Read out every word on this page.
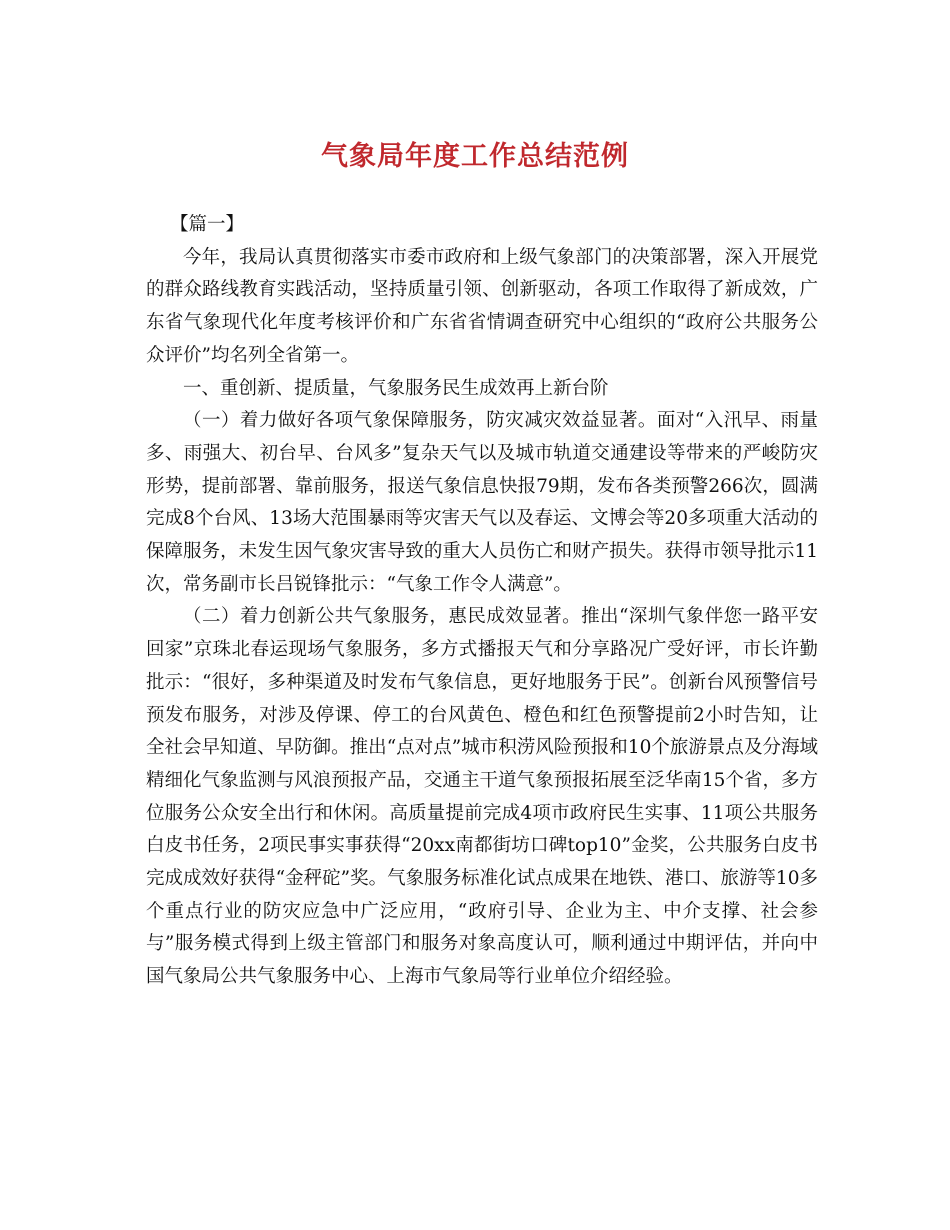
气象局年度工作总结范例

【篇一】

今年，我局认真贯彻落实市委市政府和上级气象部门的决策部署，深入开展党的群众路线教育实践活动，坚持质量引领、创新驱动，各项工作取得了新成效，广东省气象现代化年度考核评价和广东省省情调查研究中心组织的“政府公共服务公众评价”均名列全省第一。

一、重创新、提质量，气象服务民生成效再上新台阶

（一）着力做好各项气象保障服务，防灾减灾效益显著。面对“入汛早、雨量多、雨强大、初台早、台风多”复杂天气以及城市轨道交通建设等带来的严峻防灾形势，提前部署、靠前服务，报送气象信息快报79期，发布各类预警266次，圆满完成8个台风、13场大范围暴雨等灾害天气以及春运、文博会等20多项重大活动的保障服务，未发生因气象灾害导致的重大人员伤亡和财产损失。获得市领导批示11次，常务副市长吕锐锋批示：“气象工作令人满意”。

（二）着力创新公共气象服务，惠民成效显著。推出“深圳气象伴您一路平安回家”京珠北春运现场气象服务，多方式播报天气和分享路况广受好评，市长许勤批示：“很好，多种渠道及时发布气象信息，更好地服务于民”。创新台风预警信号预发布服务，对涉及停课、停工的台风黄色、橙色和红色预警提前2小时告知，让全社会早知道、早防御。推出“点对点”城市积涝风险预报和10个旅游景点及分海域精细化气象监测与风浪预报产品，交通主干道气象预报拓展至泛华南15个省，多方位服务公众安全出行和休闲。高质量提前完成4项市政府民生实事、11项公共服务白皮书任务，2项民事实事获得“20xx南都街坊口碑top10”金奖，公共服务白皮书完成成效好获得“金秤砣”奖。气象服务标准化试点成果在地铁、港口、旅游等10多个重点行业的防灾应急中广泛应用，“政府引导、企业为主、中介支撑、社会参与”服务模式得到上级主管部门和服务对象高度认可，顺利通过中期评估，并向中国气象局公共气象服务中心、上海市气象局等行业单位介绍经验。
